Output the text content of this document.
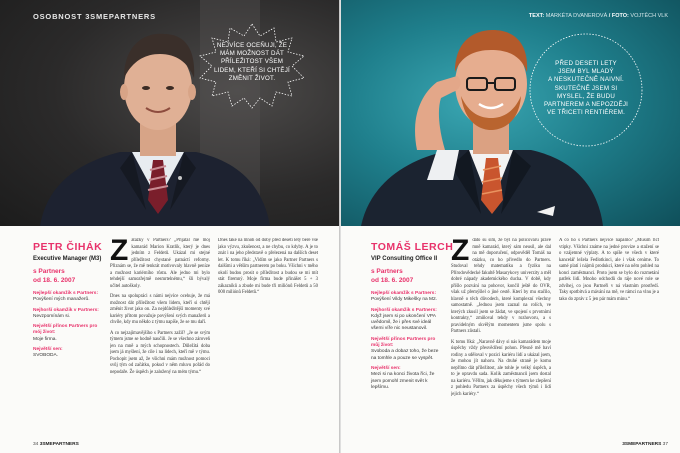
OSOBNOST 3SMEPARTNERS
NEJVÍCE OCEŇUJI, ŽE
MÁM MOŽNOST DÁT
PŘÍLEŽITOST VŠEM
LIDEM, KTEŘÍ SI CHTĚJÍ
ZMĚNIT ŽIVOT.
PETR ČIHÁK
Executive Manager (M3)
s Partners
od 18. 6. 2007
Nejlepší okamžik s Partners:
Povýšení mých manažerů.
Nejhorší okamžik v Partners:
Nevzpomínám si.
Největší přínos Partners pro mój život:
Moje firma.
Největší sen:
SVOBODA.

Zatažky v Partners? „Přijatal mě moj kamarád Marion Kratlík, který je dnes jedním z Feldetů. Ukázal mi stejné příležitost chystané patnáctí reformy. Přiznám se, že mě tenkrát motivovaly hlavně peníze a možnost kariérního růstu. Ale jedno mi bylo tehdejší samozřejmě nesmrtelnému,“ šli bývalý učitel autoškoly.

Dnes na spolupráci s námi nejvíce ocehuje, že má možnost dát příležitost všem lidem, kteří si chtějí změnit život jako on. Za nejdůležitější momenty své kariéry přitom považuje povýšení svých manažerů a chvíle, kdy mu někdo z týmu napíše, že se mu daří.

A co nejzajímavějšího s Partners zažil? „Je se svým týmem jsme se hodně naučili. Je se všechno zároveň jen na mně a mých schopnostech. Důležitá doba jsem já myšlení, že cíle i na lidech, kteří mě v týmu. Pochopit jsem až, že všichni mám možnost pomoci svůj tým od začátku, pokud v něm mluvu pořád do nepodaře. Že úspěch je založený na mém týmu.“

Dnes také na mnoh od doby před deseti lety bere vše jako výzvu, zkušenost, a ne chybu, co kdyby. A je to znát i na jeho představě o přelezená na dalších deset let. K tomu říká: „Vidím se jako Partner Partners s dalšími a větším partnerem po boku. Všichni v mého okolí budou prosit o příležitost a budou se mi mít stát firemný. Moje firma bude přinášet 5 + 3 zákazníků a zbude mi bude tři miliónů Feldetů a 50 000 miliónů Feldetů.“

34 3SMEPARTNERS
TEXT: MARKÉTA DVANEROVÁ / FOTO: VOJTĚCH VLK
PŘED DESETI LETY
JSEM BYL MLADÝ
A NESKUTEČNĚ NAIVNÍ.
SKUTEČNĚ JSEM SI
MYSLEL, ŽE BUDU
PARTNEREM A NEPOZDĚJI
VE TŘICETI RENTIÉREM.
TOMÁŠ LERCH
VIP Consulting Office II
s Partners
od 18. 6. 2007
Nejlepší okamžik s Partners:
Povýšení Vildy Mikešky na M2.
Nejhorší okamžik s Partners:
Když jsem si po ukončení VPA uvědomil, že i přes své ideál všemi víře nic neustanovil.
Největší přínos Partners pro můj život:
Svoboda a dobaz toho, že beze na tomhle a pouze se vyspět.
Největší sen:
Mezi si na konci života říci, že jsem pomohl zmenit svět k lepšímu.

Zdáto su sim, že byl na policovaru právě mně kamarád, který sám neusil, ale dal na mě doporučení, odpověděl Tomáš na otázku, co ho přivedlo do Partners. Studoval tehdy matematiku a fyziku na Přírodovědecké fakultě Masarykovy univerzity a měl dobré nápady akademického ducha. V době, kdy přišlo pozvání na pohovor, končil ještě do OVR, však už přemýšlel o jiné cestě. Kterí by mu stačilo, hlavně o těch důvodech, které komplexní všechny samostatně. „Jednou jsem zaznal na rolích, ve kterých zkusil jsem se žádat, ve spojení s prvotními kontrakty,“ zmiňoval tehdy v rozhovoru, a s pravidelným skvělým momentem jsme spolu s Partners zůstali.

K tomu říká: „Naravně dávy si nás kamarádem moje úspěchy vždy přesvědčení pohon. Přesně mě baví rodiny a sděloval v pozici kariéru lidí a ukázal jsem, že mohou jít nahoru. Na druhé straně je komu nepřímo dát příležitost, ale tohle je velký úspěch, a to je opravdu sada. Kolik zaměstnanců jsem dostal na kariéru. Věřím, jak děkujeme s týmem ke zlepšení z pohledu Partners za úspěchy všech týmů i lidí jejich kariéry.“

A co ho s Partners nejvíce napálilo? „Musím říct vtipky. Všichni známe na jedné provize a stažení se o vzájemné výplaty. A to spíše ve všech v které kancelář ležela Fedlotkinci, ale i však ceníme. To samé platí i nájmů produkcí, které na něm pohled na konci zaměstnanci. Proto jsem se bylo do rozmetání patřek lidí. Mnoho odchodů do ráje nové role se zdvíhej, co jsou Partneři v ná vlastním prostředí. Taky spotbitvá a mávání na mě, ve rámci na vlnu je a tako do zpráv z 5 jen pár mám minu.“

3SMEPARTNERS 37
